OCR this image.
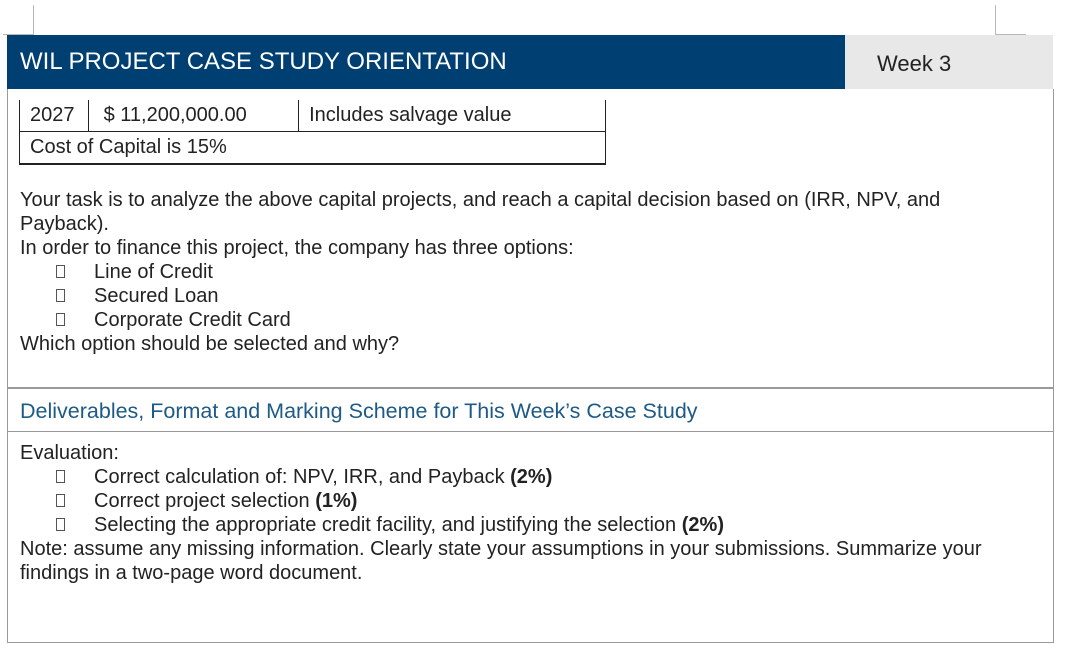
WIL PROJECT CASE STUDY ORIENTATION	Week 3
2027	$ 11,200,000.00	Includes salvage value
Cost of Capital is 15%

Your task is to analyze the above capital projects, and reach a capital decision based on (IRR, NPV, and

Payback).

In order to finance this project, the company has three options:

Line of Credit
Secured Loan
Corporate Credit Card

Which option should be selected and why?

Deliverables, Format and Marking Scheme for This Week’s Case Study

Evaluation:

Correct calculation of: NPV, IRR, and Payback (2%)
Correct project selection (1%)
Selecting the appropriate credit facility, and justifying the selection (2%)

Note: assume any missing information. Clearly state your assumptions in your submissions. Summarize your

findings in a two-page word document.
